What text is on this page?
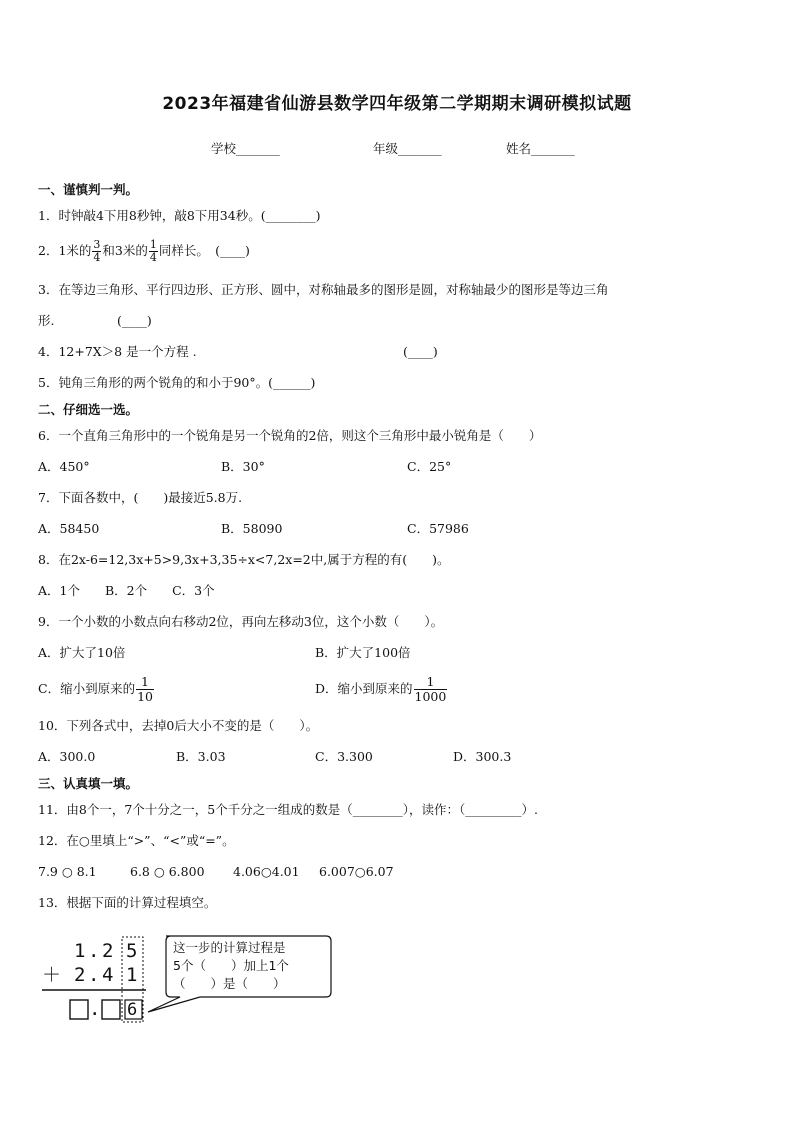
2023年福建省仙游县数学四年级第二学期期末调研模拟试题
学校_______	年级_______	姓名_______
一、谨慎判一判。
1．时钟敲4下用8秒钟，敲8下用34秒。(________)
2．1米的 $\frac{3}{4}$ 和3米的 $\frac{1}{4}$ 同样长。　(____)
3．在等边三角形、平行四边形、正方形、圆中，对称轴最多的图形是圆，对称轴最少的图形是等边三角
形.　　　　　(____)
4．12+7X＞8 是一个方程 .	(____)
5．钝角三角形的两个锐角的和小于90°。(______)
二、仔细选一选。
6．一个直角三角形中的一个锐角是另一个锐角的2倍，则这个三角形中最小锐角是（　　）
A．450°	B．30°	C．25°
7．下面各数中，(　　)最接近5.8万.
A．58450	B．58090	C．57986
8．在2x-6=12,3x+5>9,3x+3,35÷x<7,2x=2中,属于方程的有(　　)。
A．1个　　B．2个　　C．3个
9．一个小数的小数点向右移动2位，再向左移动3位，这个小数（　　）。
A．扩大了10倍	B．扩大了100倍
C．缩小到原来的 $\frac{1}{10}$	D．缩小到原来的 $\frac{1}{1000}$
10．下列各式中，去掉0后大小不变的是（　　）。
A．300.0	B．3.03	C．3.300	D．300.3
三、认真填一填。
11．由8个一，7个十分之一，5个千分之一组成的数是（________），读作：（_________）.
12．在○里填上“>”、“<”或“=”。
7.9 ○ 8.1	6.8 ○ 6.800 4.06○4.01 6.007○6.07
13．根据下面的计算过程填空。
1 . 2 5
＋ 2 . 4 1
. 6
这一步的计算过程是
5个（　　）加上1个
（　　）是（　　）
